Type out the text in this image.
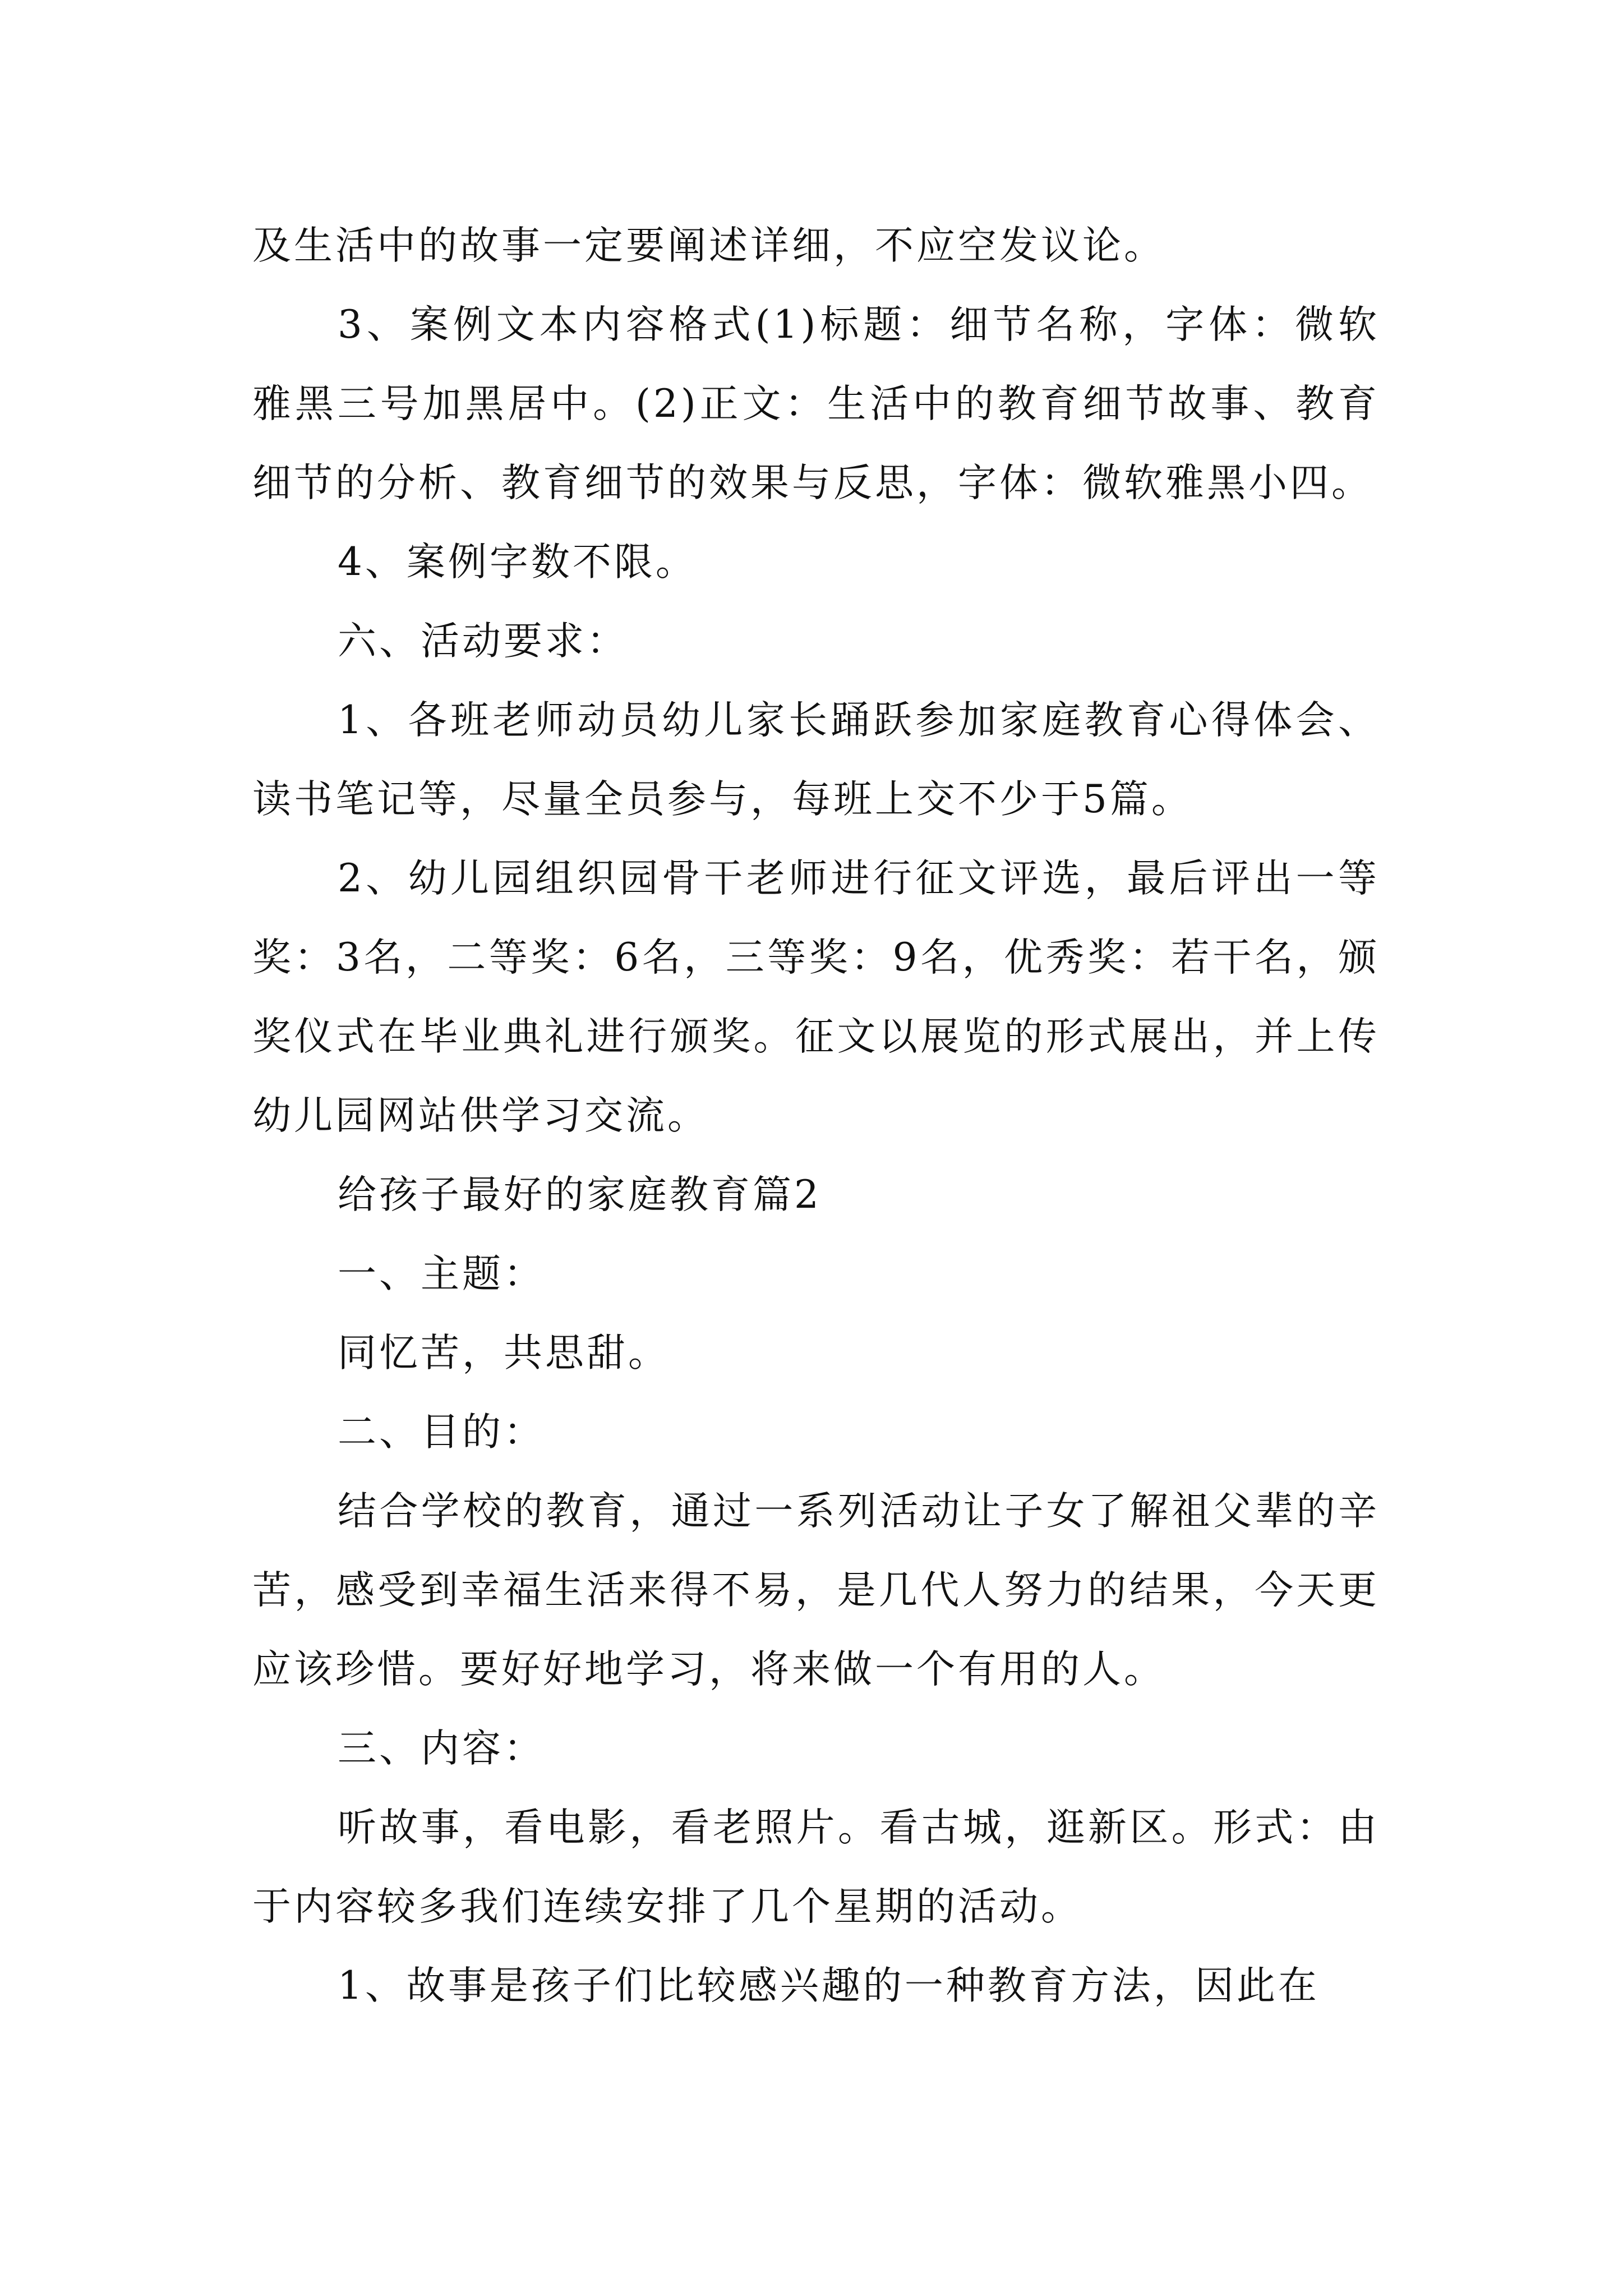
及生活中的故事一定要阐述详细，不应空发议论。

3、案例文本内容格式(1)标题：细节名称，字体：微软雅黑三号加黑居中。(2)正文：生活中的教育细节故事、教育细节的分析、教育细节的效果与反思，字体：微软雅黑小四。

4、案例字数不限。

六、活动要求：

1、各班老师动员幼儿家长踊跃参加家庭教育心得体会、读书笔记等，尽量全员参与，每班上交不少于5篇。

2、幼儿园组织园骨干老师进行征文评选，最后评出一等奖：3名，二等奖：6名，三等奖：9名，优秀奖：若干名，颁奖仪式在毕业典礼进行颁奖。征文以展览的形式展出，并上传幼儿园网站供学习交流。

给孩子最好的家庭教育篇2

一、主题：

同忆苦，共思甜。

二、目的：

结合学校的教育，通过一系列活动让子女了解祖父辈的辛苦，感受到幸福生活来得不易，是几代人努力的结果，今天更应该珍惜。要好好地学习，将来做一个有用的人。

三、内容：

听故事，看电影，看老照片。看古城，逛新区。形式：由于内容较多我们连续安排了几个星期的活动。

1、故事是孩子们比较感兴趣的一种教育方法，因此在
